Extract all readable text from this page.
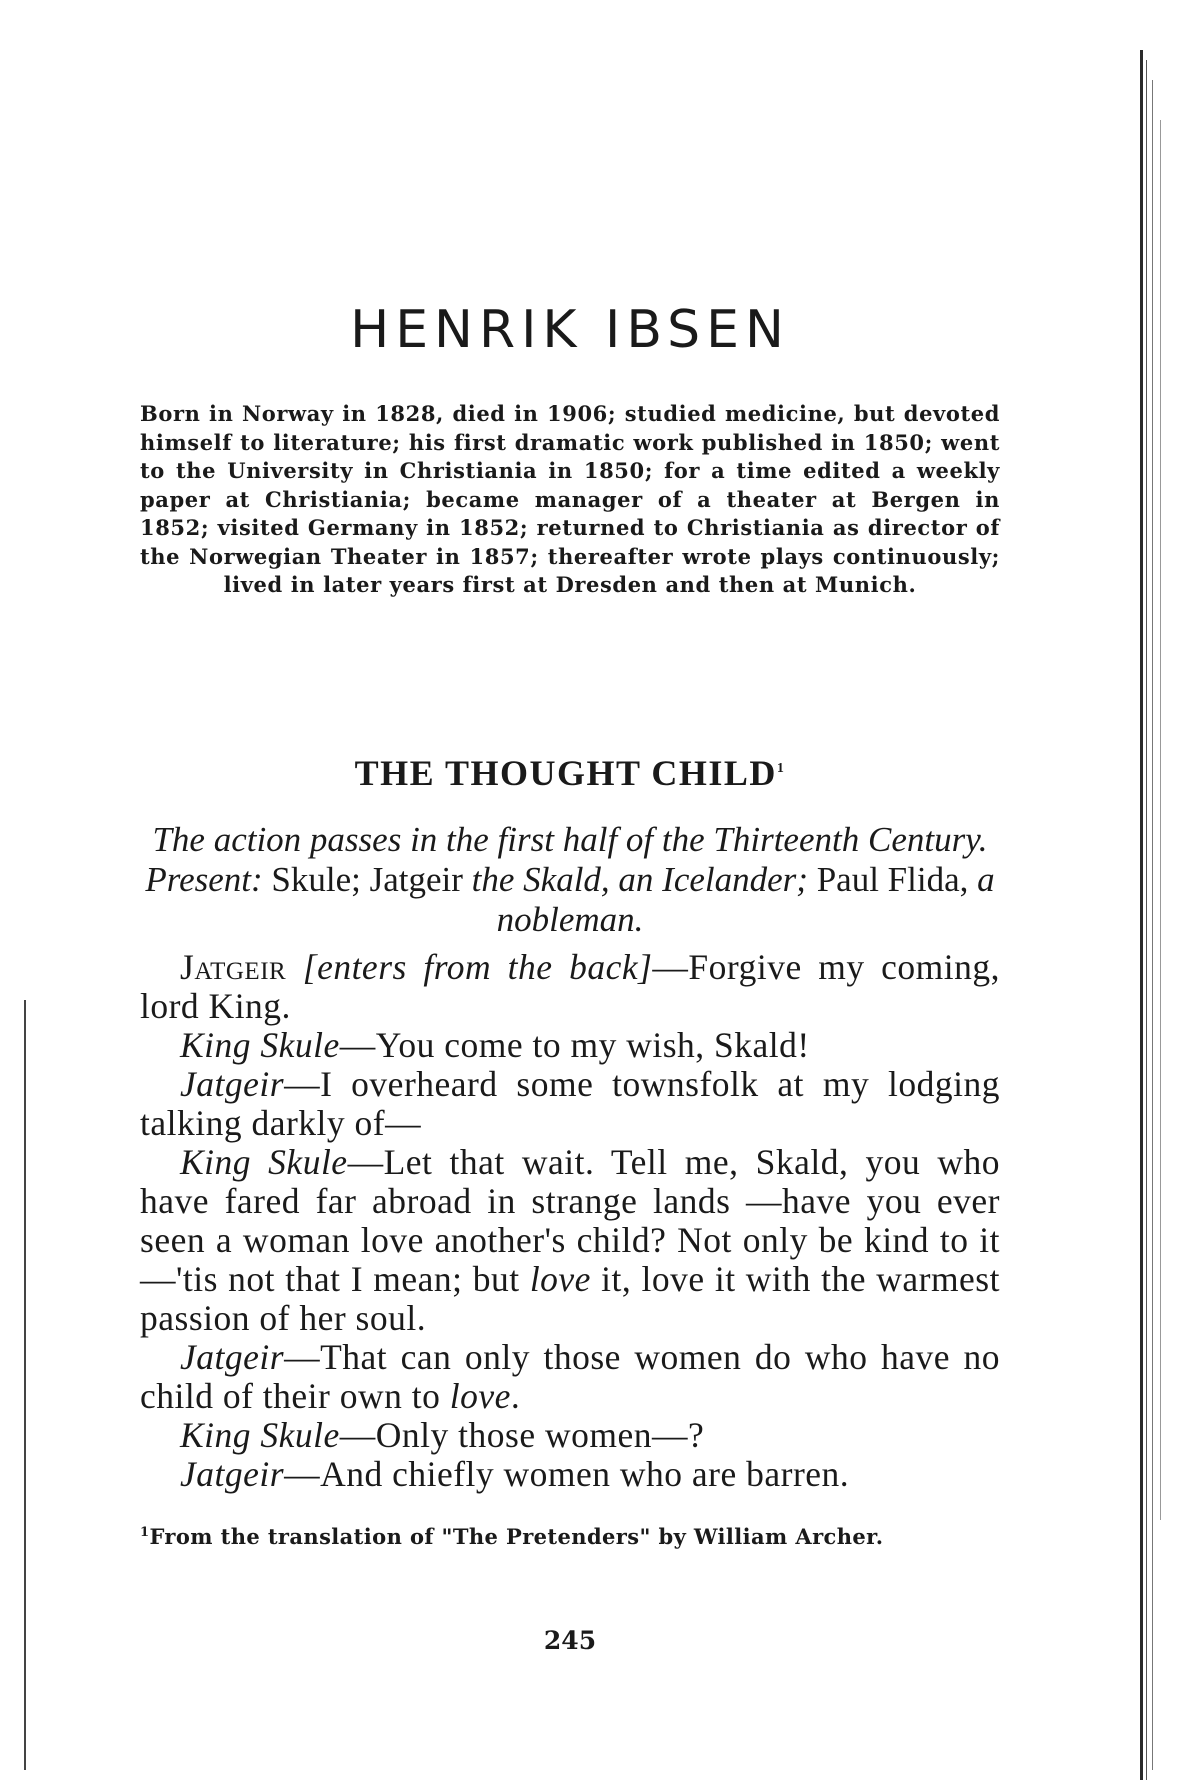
HENRIK IBSEN

Born in Norway in 1828, died in 1906; studied medicine, but devoted himself to literature; his first dramatic work published in 1850; went to the University in Christiania in 1850; for a time edited a weekly paper at Christiania; became manager of a theater at Bergen in 1852; visited Germany in 1852; returned to Christiania as director of the Norwegian Theater in 1857; thereafter wrote plays continuously; lived in later years first at Dresden and then at Munich.

THE THOUGHT CHILD$^1$

The action passes in the first half of the Thirteenth Century. Present: Skule; Jatgeir the Skald, an Icelander; Paul Flida, a nobleman.

Jatgeir [enters from the back]—Forgive my coming, lord King.

King Skule—You come to my wish, Skald!

Jatgeir—I overheard some townsfolk at my lodging talking darkly of—

King Skule—Let that wait. Tell me, Skald, you who have fared far abroad in strange lands —have you ever seen a woman love another's child? Not only be kind to it—'tis not that I mean; but love it, love it with the warmest passion of her soul.

Jatgeir—That can only those women do who have no child of their own to love.

King Skule—Only those women—?

Jatgeir—And chiefly women who are barren.

$^1$From the translation of "The Pretenders" by William Archer.

245
